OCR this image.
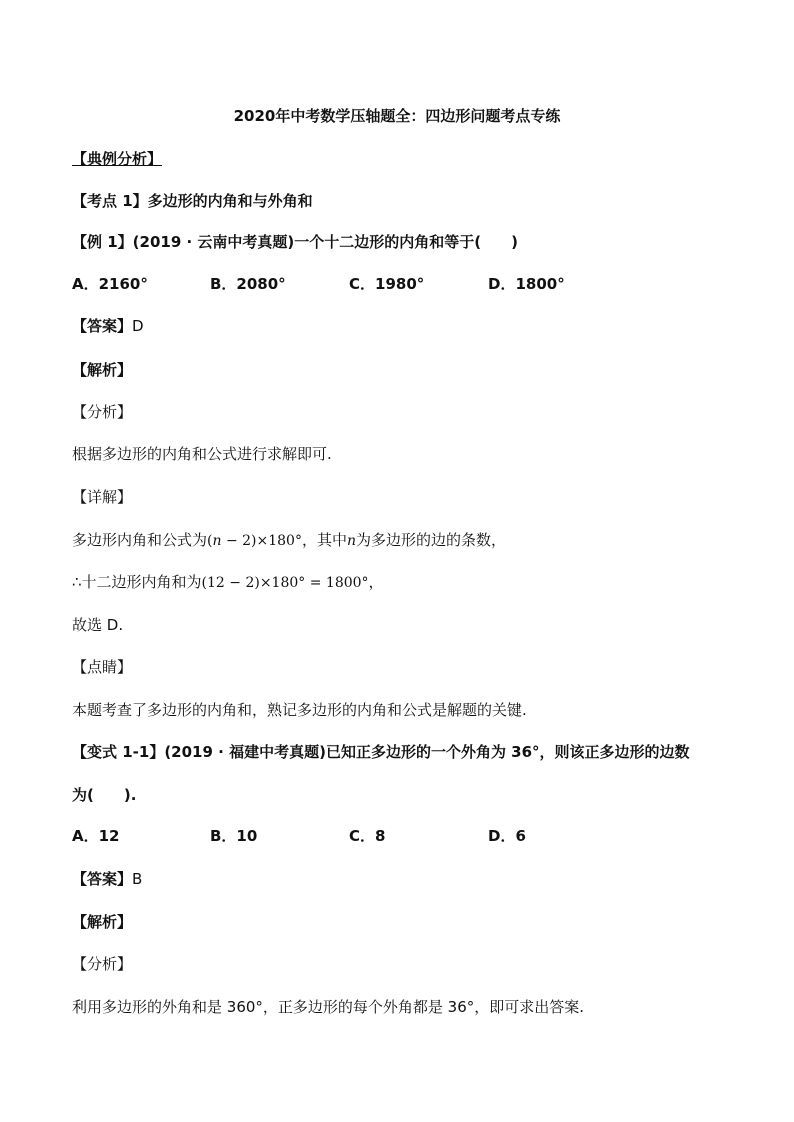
2020年中考数学压轴题全：四边形问题考点专练
【典例分析】
【考点 1】多边形的内角和与外角和
【例 1】(2019 · 云南中考真题)一个十二边形的内角和等于(　　)
A．2160°	B．2080°	C．1980°	D．1800°
【答案】D
【解析】
【分析】
根据多边形的内角和公式进行求解即可.
【详解】
多边形内角和公式为(n − 2)×180°，其中n为多边形的边的条数，
∴十二边形内角和为(12 − 2)×180° = 1800°，
故选 D.
【点睛】
本题考查了多边形的内角和，熟记多边形的内角和公式是解题的关键.
【变式 1-1】(2019 · 福建中考真题)已知正多边形的一个外角为 36°，则该正多边形的边数
为(　　).
A．12	B．10	C．8	D．6
【答案】B
【解析】
【分析】
利用多边形的外角和是 360°，正多边形的每个外角都是 36°，即可求出答案.
